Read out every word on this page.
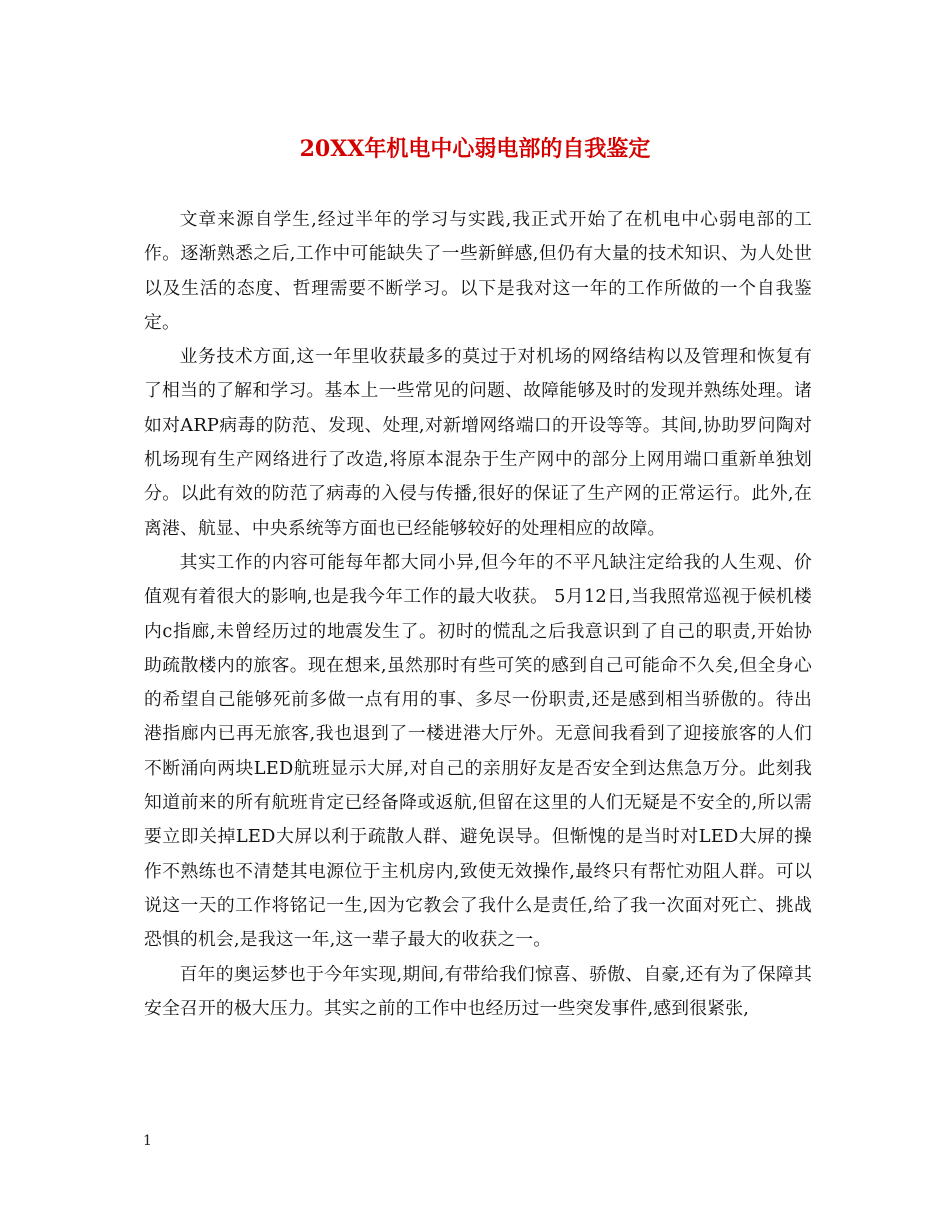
20XX年机电中心弱电部的自我鉴定

文章来源自学生,经过半年的学习与实践,我正式开始了在机电中心弱电部的工作。逐渐熟悉之后,工作中可能缺失了一些新鲜感,但仍有大量的技术知识、为人处世以及生活的态度、哲理需要不断学习。以下是我对这一年的工作所做的一个自我鉴定。

业务技术方面,这一年里收获最多的莫过于对机场的网络结构以及管理和恢复有了相当的了解和学习。基本上一些常见的问题、故障能够及时的发现并熟练处理。诸如对ARP病毒的防范、发现、处理,对新增网络端口的开设等等。其间,协助罗问陶对机场现有生产网络进行了改造,将原本混杂于生产网中的部分上网用端口重新单独划分。以此有效的防范了病毒的入侵与传播,很好的保证了生产网的正常运行。此外,在离港、航显、中央系统等方面也已经能够较好的处理相应的故障。

其实工作的内容可能每年都大同小异,但今年的不平凡缺注定给我的人生观、价值观有着很大的影响,也是我今年工作的最大收获。 5月12日,当我照常巡视于候机楼内c指廊,未曾经历过的地震发生了。初时的慌乱之后我意识到了自己的职责,开始协助疏散楼内的旅客。现在想来,虽然那时有些可笑的感到自己可能命不久矣,但全身心的希望自己能够死前多做一点有用的事、多尽一份职责,还是感到相当骄傲的。待出港指廊内已再无旅客,我也退到了一楼进港大厅外。无意间我看到了迎接旅客的人们不断涌向两块LED航班显示大屏,对自己的亲朋好友是否安全到达焦急万分。此刻我知道前来的所有航班肯定已经备降或返航,但留在这里的人们无疑是不安全的,所以需要立即关掉LED大屏以利于疏散人群、避免误导。但惭愧的是当时对LED大屏的操作不熟练也不清楚其电源位于主机房内,致使无效操作,最终只有帮忙劝阻人群。可以说这一天的工作将铭记一生,因为它教会了我什么是责任,给了我一次面对死亡、挑战恐惧的机会,是我这一年,这一辈子最大的收获之一。

百年的奥运梦也于今年实现,期间,有带给我们惊喜、骄傲、自豪,还有为了保障其安全召开的极大压力。其实之前的工作中也经历过一些突发事件,感到很紧张,

1
